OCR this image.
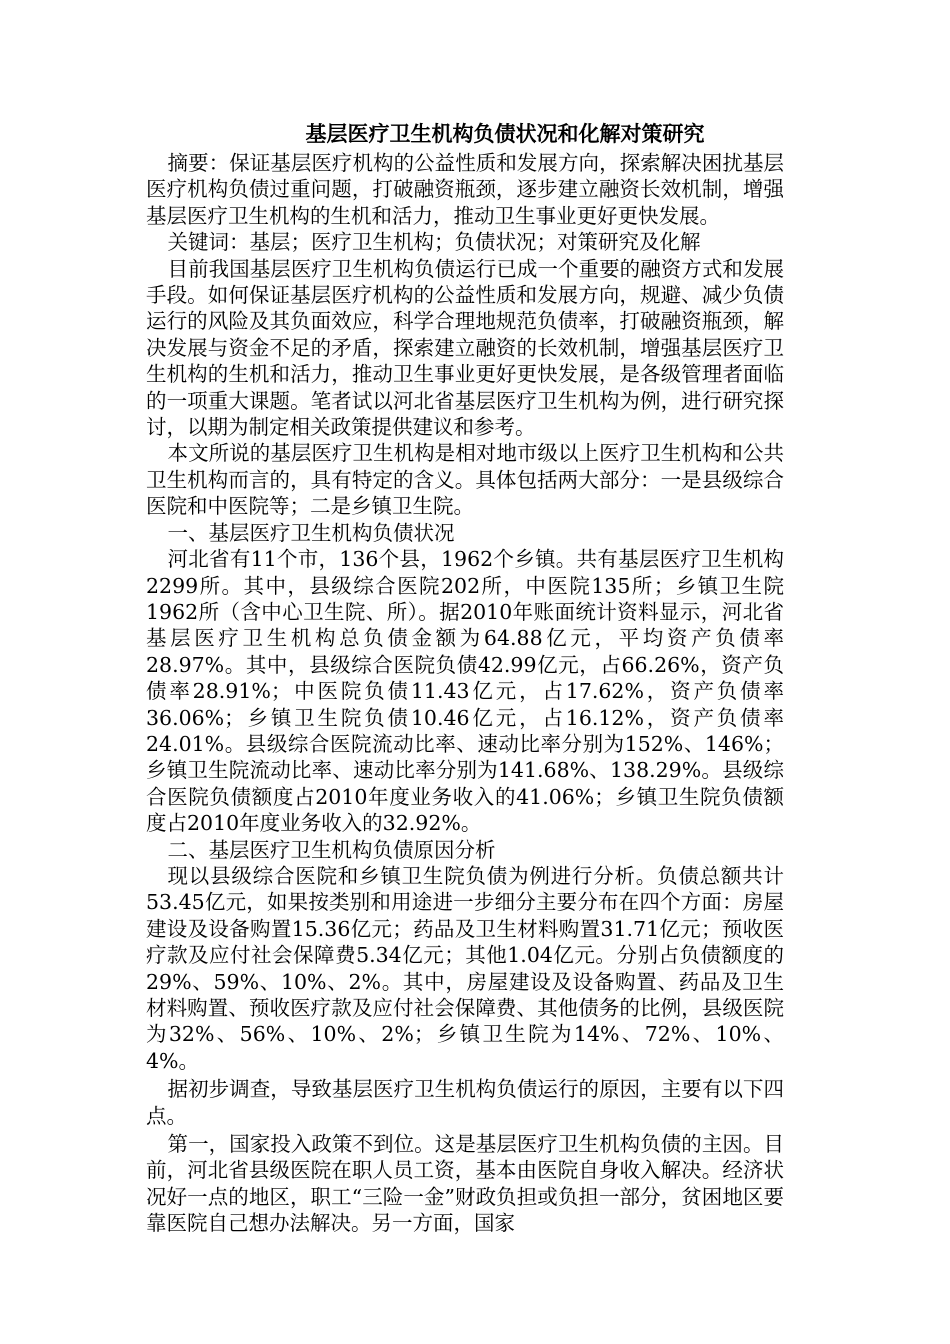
基层医疗卫生机构负债状况和化解对策研究

摘要：保证基层医疗机构的公益性质和发展方向，探索解决困扰基层医疗机构负债过重问题，打破融资瓶颈，逐步建立融资长效机制，增强基层医疗卫生机构的生机和活力，推动卫生事业更好更快发展。

关键词：基层；医疗卫生机构；负债状况；对策研究及化解

目前我国基层医疗卫生机构负债运行已成一个重要的融资方式和发展手段。如何保证基层医疗机构的公益性质和发展方向，规避、减少负债运行的风险及其负面效应，科学合理地规范负债率，打破融资瓶颈，解决发展与资金不足的矛盾，探索建立融资的长效机制，增强基层医疗卫生机构的生机和活力，推动卫生事业更好更快发展，是各级管理者面临的一项重大课题。笔者试以河北省基层医疗卫生机构为例，进行研究探讨，以期为制定相关政策提供建议和参考。

本文所说的基层医疗卫生机构是相对地市级以上医疗卫生机构和公共卫生机构而言的，具有特定的含义。具体包括两大部分：一是县级综合医院和中医院等；二是乡镇卫生院。

一、基层医疗卫生机构负债状况

河北省有11个市，136个县，1962个乡镇。共有基层医疗卫生机构2299所。其中，县级综合医院202所，中医院135所；乡镇卫生院1962所（含中心卫生院、所）。据2010年账面统计资料显示，河北省基层医疗卫生机构总负债金额为64.88亿元，平均资产负债率28.97%。其中，县级综合医院负债42.99亿元，占66.26%，资产负债率28.91%；中医院负债11.43亿元，占17.62%，资产负债率36.06%；乡镇卫生院负债10.46亿元，占16.12%，资产负债率24.01%。县级综合医院流动比率、速动比率分别为152%、146%；乡镇卫生院流动比率、速动比率分别为141.68%、138.29%。县级综合医院负债额度占2010年度业务收入的41.06%；乡镇卫生院负债额度占2010年度业务收入的32.92%。

二、基层医疗卫生机构负债原因分析

现以县级综合医院和乡镇卫生院负债为例进行分析。负债总额共计53.45亿元，如果按类别和用途进一步细分主要分布在四个方面：房屋建设及设备购置15.36亿元；药品及卫生材料购置31.71亿元；预收医疗款及应付社会保障费5.34亿元；其他1.04亿元。分别占负债额度的29%、59%、10%、2%。其中，房屋建设及设备购置、药品及卫生材料购置、预收医疗款及应付社会保障费、其他债务的比例，县级医院为32%、56%、10%、2%；乡镇卫生院为14%、72%、10%、4%。

据初步调查，导致基层医疗卫生机构负债运行的原因，主要有以下四点。

第一，国家投入政策不到位。这是基层医疗卫生机构负债的主因。目前，河北省县级医院在职人员工资，基本由医院自身收入解决。经济状况好一点的地区，职工“三险一金”财政负担或负担一部分，贫困地区要靠医院自己想办法解决。另一方面，国家
